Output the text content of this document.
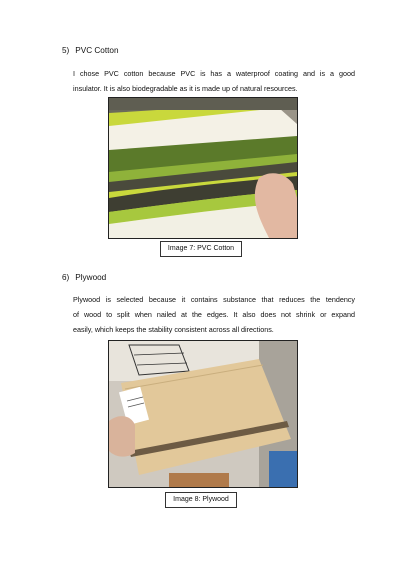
5) PVC Cotton
I chose PVC cotton because PVC is has a waterproof coating and is a good
insulator. It is also biodegradable as it is made up of natural resources.
Image 7: PVC Cotton
6) Plywood
Plywood is selected because it contains substance that reduces the tendency
of wood to split when nailed at the edges. It also does not shrink or expand
easily, which keeps the stability consistent across all directions.
Image 8: Plywood
